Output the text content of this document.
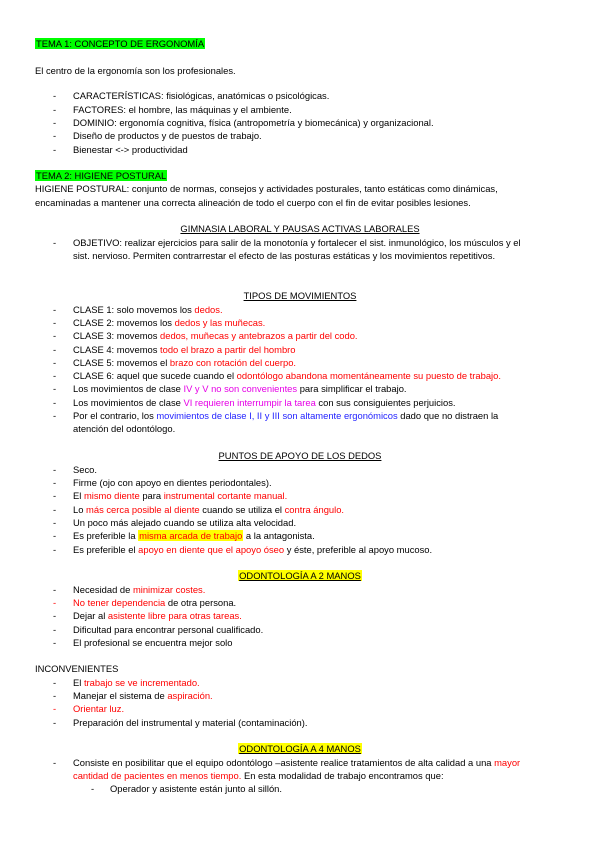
TEMA 1: CONCEPTO DE ERGONOMÍA
El centro de la ergonomía son los profesionales.
- CARACTERÍSTICAS: fisiológicas, anatómicas o psicológicas.
- FACTORES: el hombre, las máquinas y el ambiente.
- DOMINIO: ergonomía cognitiva, física (antropometría y biomecánica) y organizacional.
- Diseño de productos y de puestos de trabajo.
- Bienestar <-> productividad
TEMA 2: HIGIENE POSTURAL
HIGIENE POSTURAL: conjunto de normas, consejos y actividades posturales, tanto estáticas como dinámicas,
encaminadas a mantener una correcta alineación de todo el cuerpo con el fin de evitar posibles lesiones.
GIMNASIA LABORAL Y PAUSAS ACTIVAS LABORALES
- OBJETIVO: realizar ejercicios para salir de la monotonía y fortalecer el sist. inmunológico, los músculos y el
sist. nervioso. Permiten contrarrestar el efecto de las posturas estáticas y los movimientos repetitivos.
TIPOS DE MOVIMIENTOS
- CLASE 1: solo movemos los dedos.
- CLASE 2: movemos los dedos y las muñecas.
- CLASE 3: movemos dedos, muñecas y antebrazos a partir del codo.
- CLASE 4: movemos todo el brazo a partir del hombro
- CLASE 5: movemos el brazo con rotación del cuerpo.
- CLASE 6: aquel que sucede cuando el odontólogo abandona momentáneamente su puesto de trabajo.
- Los movimientos de clase IV y V no son convenientes para simplificar el trabajo.
- Los movimientos de clase VI requieren interrumpir la tarea con sus consiguientes perjuicios.
- Por el contrario, los movimientos de clase I, II y III son altamente ergonómicos dado que no distraen la
atención del odontólogo.
PUNTOS DE APOYO DE LOS DEDOS
- Seco.
- Firme (ojo con apoyo en dientes periodontales).
- El mismo diente para instrumental cortante manual.
- Lo más cerca posible al diente cuando se utiliza el contra ángulo.
- Un poco más alejado cuando se utiliza alta velocidad.
- Es preferible la misma arcada de trabajo a la antagonista.
- Es preferible el apoyo en diente que el apoyo óseo y éste, preferible al apoyo mucoso.
ODONTOLOGÍA A 2 MANOS
- Necesidad de minimizar costes.
- No tener dependencia de otra persona.
- Dejar al asistente libre para otras tareas.
- Dificultad para encontrar personal cualificado.
- El profesional se encuentra mejor solo
INCONVENIENTES
- El trabajo se ve incrementado.
- Manejar el sistema de aspiración.
- Orientar luz.
- Preparación del instrumental y material (contaminación).
ODONTOLOGÍA A 4 MANOS
- Consiste en posibilitar que el equipo odontólogo –asistente realice tratamientos de alta calidad a una mayor
cantidad de pacientes en menos tiempo. En esta modalidad de trabajo encontramos que:
- Operador y asistente están junto al sillón.
